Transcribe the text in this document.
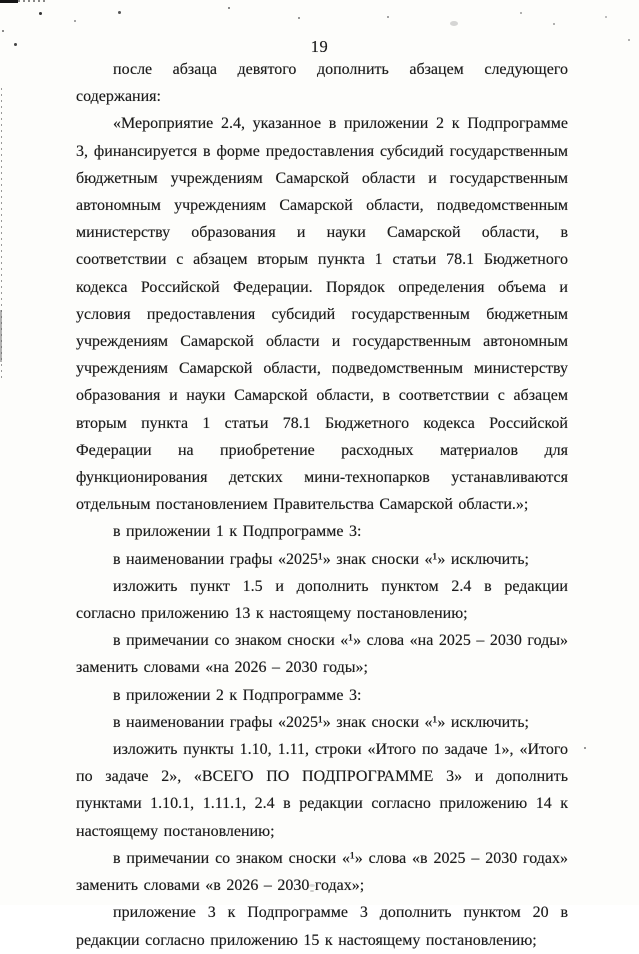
19

после абзаца девятого дополнить абзацем следующего содержания:

«Мероприятие 2.4, указанное в приложении 2 к Подпрограмме 3, финансируется в форме предоставления субсидий государственным бюджетным учреждениям Самарской области и государственным автономным учреждениям Самарской области, подведомственным министерству образования и науки Самарской области, в соответствии с абзацем вторым пункта 1 статьи 78.1 Бюджетного кодекса Российской Федерации. Порядок определения объема и условия предоставления субсидий государственным бюджетным учреждениям Самарской области и государственным автономным учреждениям Самарской области, подведомственным министерству образования и науки Самарской области, в соответствии с абзацем вторым пункта 1 статьи 78.1 Бюджетного кодекса Российской Федерации на приобретение расходных материалов для функционирования детских мини-технопарков устанавливаются отдельным постановлением Правительства Самарской области.»;

в приложении 1 к Подпрограмме 3:

в наименовании графы «2025¹» знак сноски «¹» исключить;

изложить пункт 1.5 и дополнить пунктом 2.4 в редакции согласно приложению 13 к настоящему постановлению;

в примечании со знаком сноски «¹» слова «на 2025 – 2030 годы» заменить словами «на 2026 – 2030 годы»;

в приложении 2 к Подпрограмме 3:

в наименовании графы «2025¹» знак сноски «¹» исключить;

изложить пункты 1.10, 1.11, строки «Итого по задаче 1», «Итого по задаче 2», «ВСЕГО ПО ПОДПРОГРАММЕ 3» и дополнить пунктами 1.10.1, 1.11.1, 2.4 в редакции согласно приложению 14 к настоящему постановлению;

в примечании со знаком сноски «¹» слова «в 2025 – 2030 годах» заменить словами «в 2026 – 2030 годах»;

приложение 3 к Подпрограмме 3 дополнить пунктом 20 в редакции согласно приложению 15 к настоящему постановлению;
